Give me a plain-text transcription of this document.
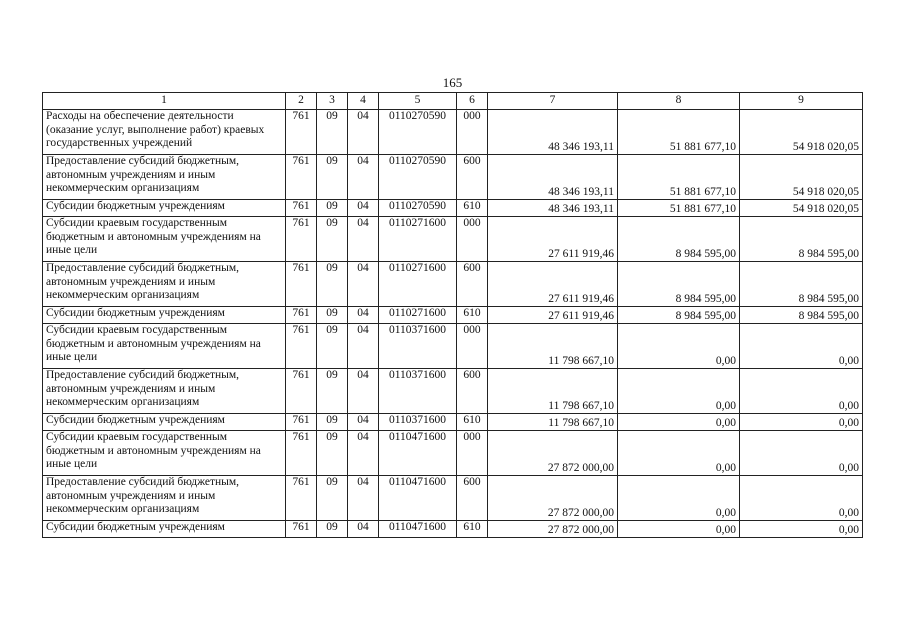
165
1	2	3	4	5	6	7	8	9
Расходы на обеспечение деятельности (оказание услуг, выполнение работ) краевых государственных учреждений	761	09	04	0110270590	000	48 346 193,11	51 881 677,10	54 918 020,05
Предоставление субсидий бюджетным, автономным учреждениям и иным некоммерческим организациям	761	09	04	0110270590	600	48 346 193,11	51 881 677,10	54 918 020,05
Субсидии бюджетным учреждениям	761	09	04	0110270590	610	48 346 193,11	51 881 677,10	54 918 020,05
Субсидии краевым государственным бюджетным и автономным учреждениям на иные цели	761	09	04	0110271600	000	27 611 919,46	8 984 595,00	8 984 595,00
Предоставление субсидий бюджетным, автономным учреждениям и иным некоммерческим организациям	761	09	04	0110271600	600	27 611 919,46	8 984 595,00	8 984 595,00
Субсидии бюджетным учреждениям	761	09	04	0110271600	610	27 611 919,46	8 984 595,00	8 984 595,00
Субсидии краевым государственным бюджетным и автономным учреждениям на иные цели	761	09	04	0110371600	000	11 798 667,10	0,00	0,00
Предоставление субсидий бюджетным, автономным учреждениям и иным некоммерческим организациям	761	09	04	0110371600	600	11 798 667,10	0,00	0,00
Субсидии бюджетным учреждениям	761	09	04	0110371600	610	11 798 667,10	0,00	0,00
Субсидии краевым государственным бюджетным и автономным учреждениям на иные цели	761	09	04	0110471600	000	27 872 000,00	0,00	0,00
Предоставление субсидий бюджетным, автономным учреждениям и иным некоммерческим организациям	761	09	04	0110471600	600	27 872 000,00	0,00	0,00
Субсидии бюджетным учреждениям	761	09	04	0110471600	610	27 872 000,00	0,00	0,00
